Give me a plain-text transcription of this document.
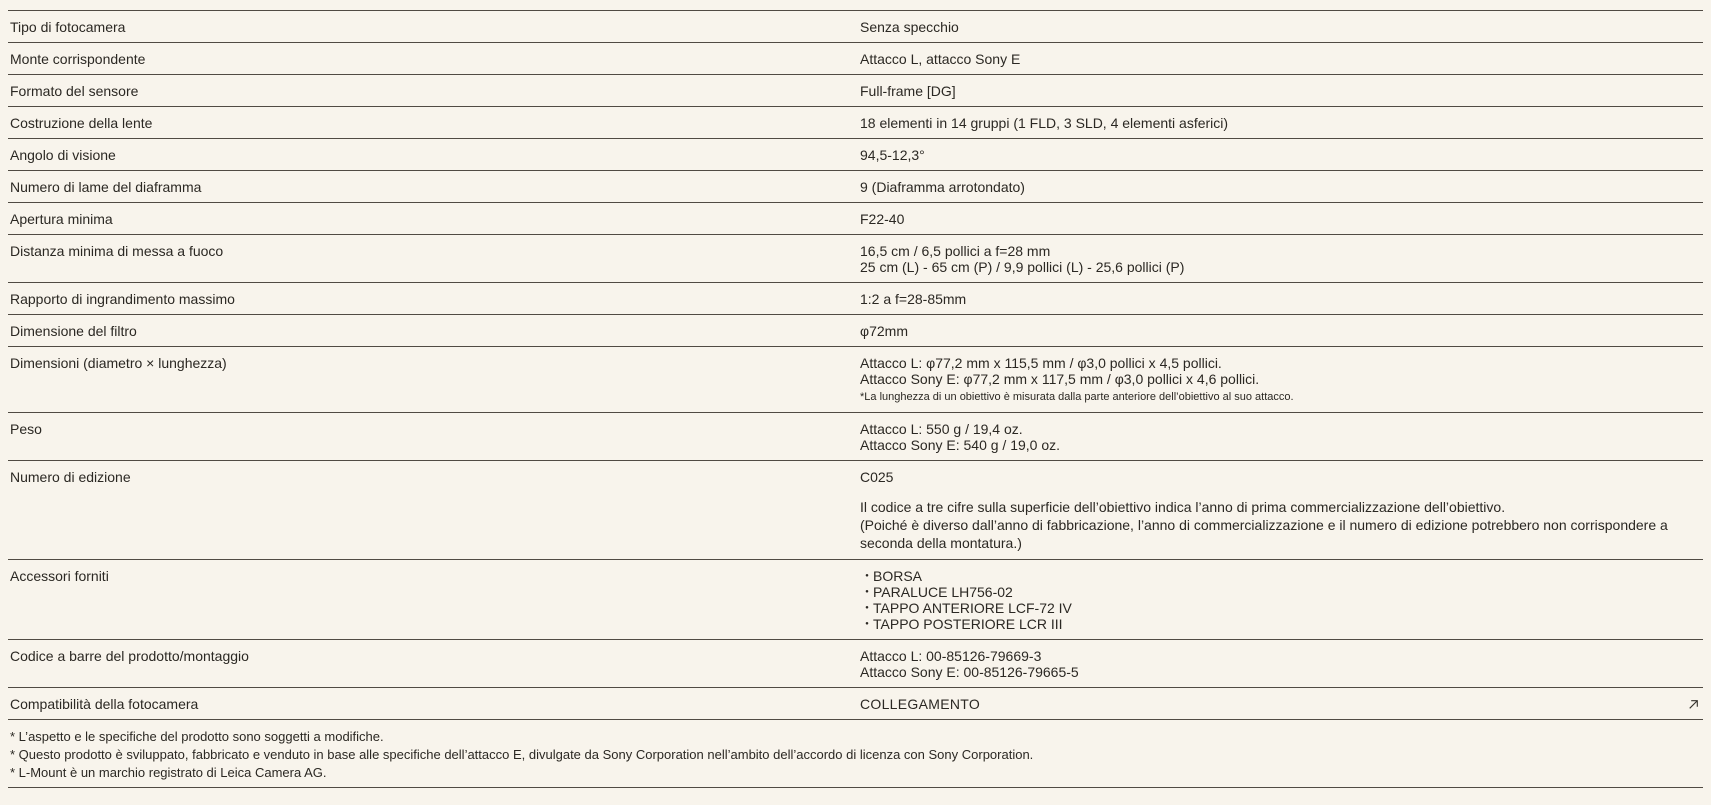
Tipo di fotocamera	Senza specchio
Monte corrispondente	Attacco L, attacco Sony E
Formato del sensore	Full-frame [DG]
Costruzione della lente	18 elementi in 14 gruppi (1 FLD, 3 SLD, 4 elementi asferici)
Angolo di visione	94,5-12,3°
Numero di lame del diaframma	9 (Diaframma arrotondato)
Apertura minima	F22-40
Distanza minima di messa a fuoco	16,5 cm / 6,5 pollici a f=28 mm
25 cm (L) - 65 cm (P) / 9,9 pollici (L) - 25,6 pollici (P)
Rapporto di ingrandimento massimo	1:2 a f=28-85mm
Dimensione del filtro	φ72mm
Dimensioni (diametro × lunghezza)	Attacco L: φ77,2 mm x 115,5 mm / φ3,0 pollici x 4,5 pollici.
Attacco Sony E: φ77,2 mm x 117,5 mm / φ3,0 pollici x 4,6 pollici.
*La lunghezza di un obiettivo è misurata dalla parte anteriore dell’obiettivo al suo attacco.
Peso	Attacco L: 550 g / 19,4 oz.
Attacco Sony E: 540 g / 19,0 oz.
Numero di edizione	C025
Il codice a tre cifre sulla superficie dell’obiettivo indica l’anno di prima commercializzazione dell’obiettivo.
(Poiché è diverso dall’anno di fabbricazione, l’anno di commercializzazione e il numero di edizione potrebbero non corrispondere a seconda della montatura.)
Accessori forniti	・BORSA
・PARALUCE LH756-02
・TAPPO ANTERIORE LCF-72 IV
・TAPPO POSTERIORE LCR III
Codice a barre del prodotto/montaggio	Attacco L: 00-85126-79669-3
Attacco Sony E: 00-85126-79665-5
Compatibilità della fotocamera	COLLEGAMENTO
* L’aspetto e le specifiche del prodotto sono soggetti a modifiche.
* Questo prodotto è sviluppato, fabbricato e venduto in base alle specifiche dell’attacco E, divulgate da Sony Corporation nell’ambito dell’accordo di licenza con Sony Corporation.
* L-Mount è un marchio registrato di Leica Camera AG.
